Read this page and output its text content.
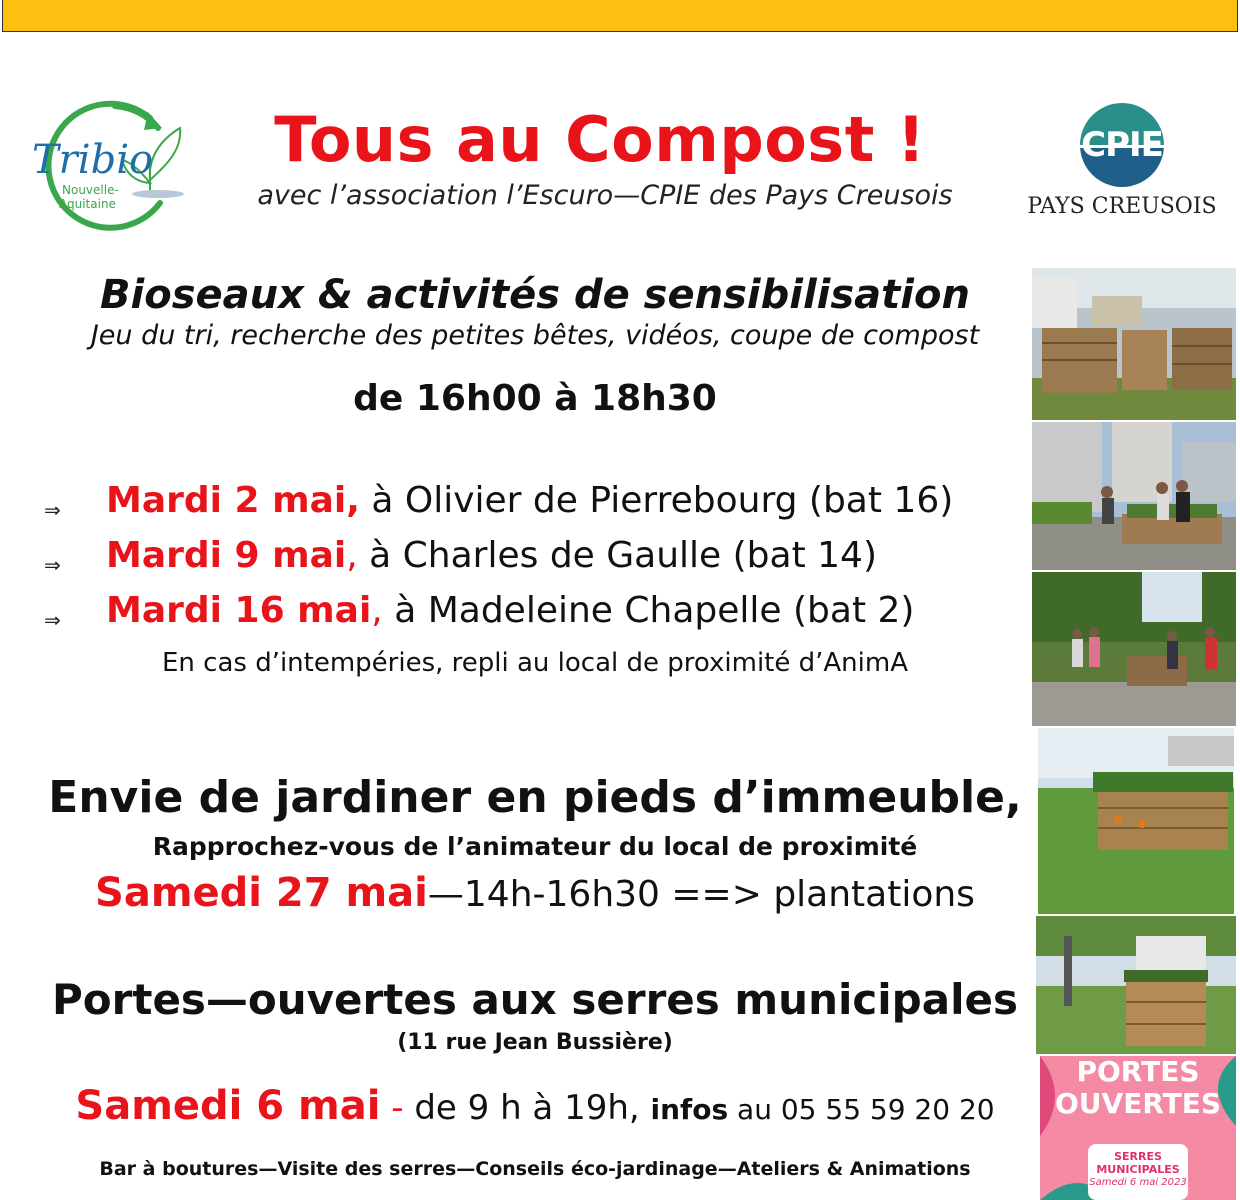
Tribio
Nouvelle-
Aquitaine
CPIE
PAYS CREUSOIS
Tous au Compost !
avec l’association l’Escuro—CPIE des Pays Creusois
Bioseaux & activités de sensibilisation
Jeu du tri, recherche des petites bêtes, vidéos, coupe de compost
de 16h00 à 18h30
⇒ Mardi 2 mai, à Olivier de Pierrebourg (bat 16)
⇒ Mardi 9 mai, à Charles de Gaulle (bat 14)
⇒ Mardi 16 mai, à Madeleine Chapelle (bat 2)
En cas d’intempéries, repli au local de proximité d’AnimA
Envie de jardiner en pieds d’immeuble,
Rapprochez-vous de l’animateur du local de proximité
Samedi 27 mai—14h-16h30 ==> plantations
Portes—ouvertes aux serres municipales
(11 rue Jean Bussière)
Samedi 6 mai - de 9 h à 19h, infos au 05 55 59 20 20
Bar à boutures—Visite des serres—Conseils éco-jardinage—Ateliers & Animations
PORTES
OUVERTES
SERRES
MUNICIPALES
Samedi 6 mai 2023
